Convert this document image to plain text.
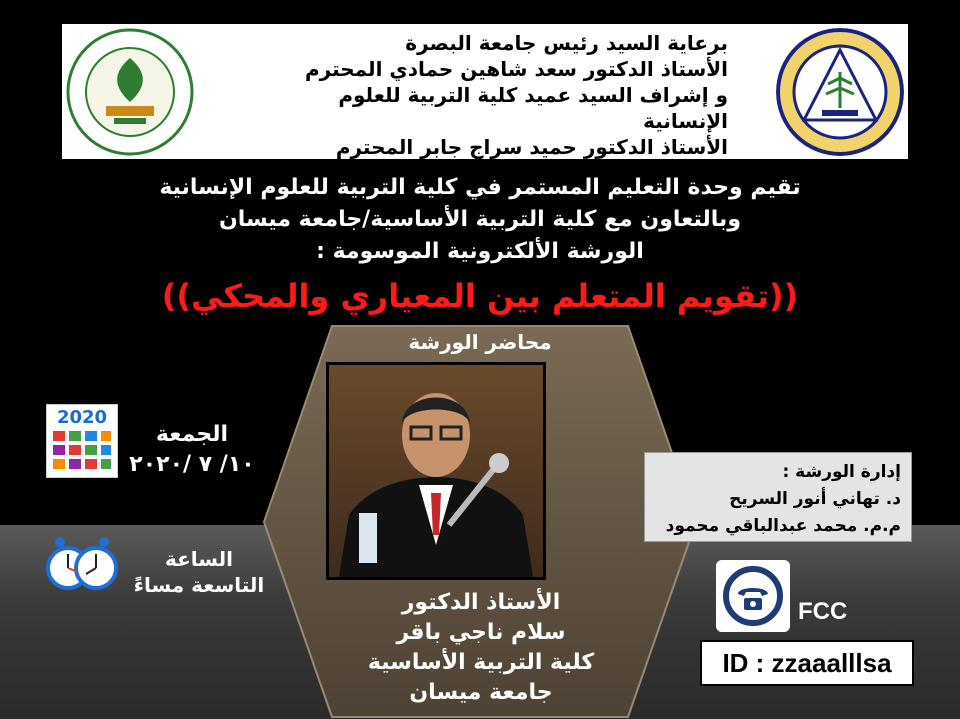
برعاية السيد رئيس جامعة البصرة
الأستاذ الدكتور سعد شاهين حمادي المحترم
و إشراف السيد عميد كلية التربية للعلوم الإنسانية
الأستاذ الدكتور حميد سراج جابر المحترم
تقيم وحدة التعليم المستمر في كلية التربية للعلوم الإنسانية
وبالتعاون مع كلية التربية الأساسية/جامعة ميسان
الورشة الألكترونية الموسومة :
((تقويم المتعلم بين المعياري والمحكي))
محاضر الورشة
الأستاذ الدكتور
سلام ناجي باقر
كلية التربية الأساسية
جامعة ميسان
2020
الجمعة
١٠/ ٧ /٢٠٢٠
الساعة
التاسعة مساءً
إدارة الورشة :
د. تهاني أنور السريح
م.م. محمد عبدالباقي محمود
FCC
ID : zzaaalllsa
